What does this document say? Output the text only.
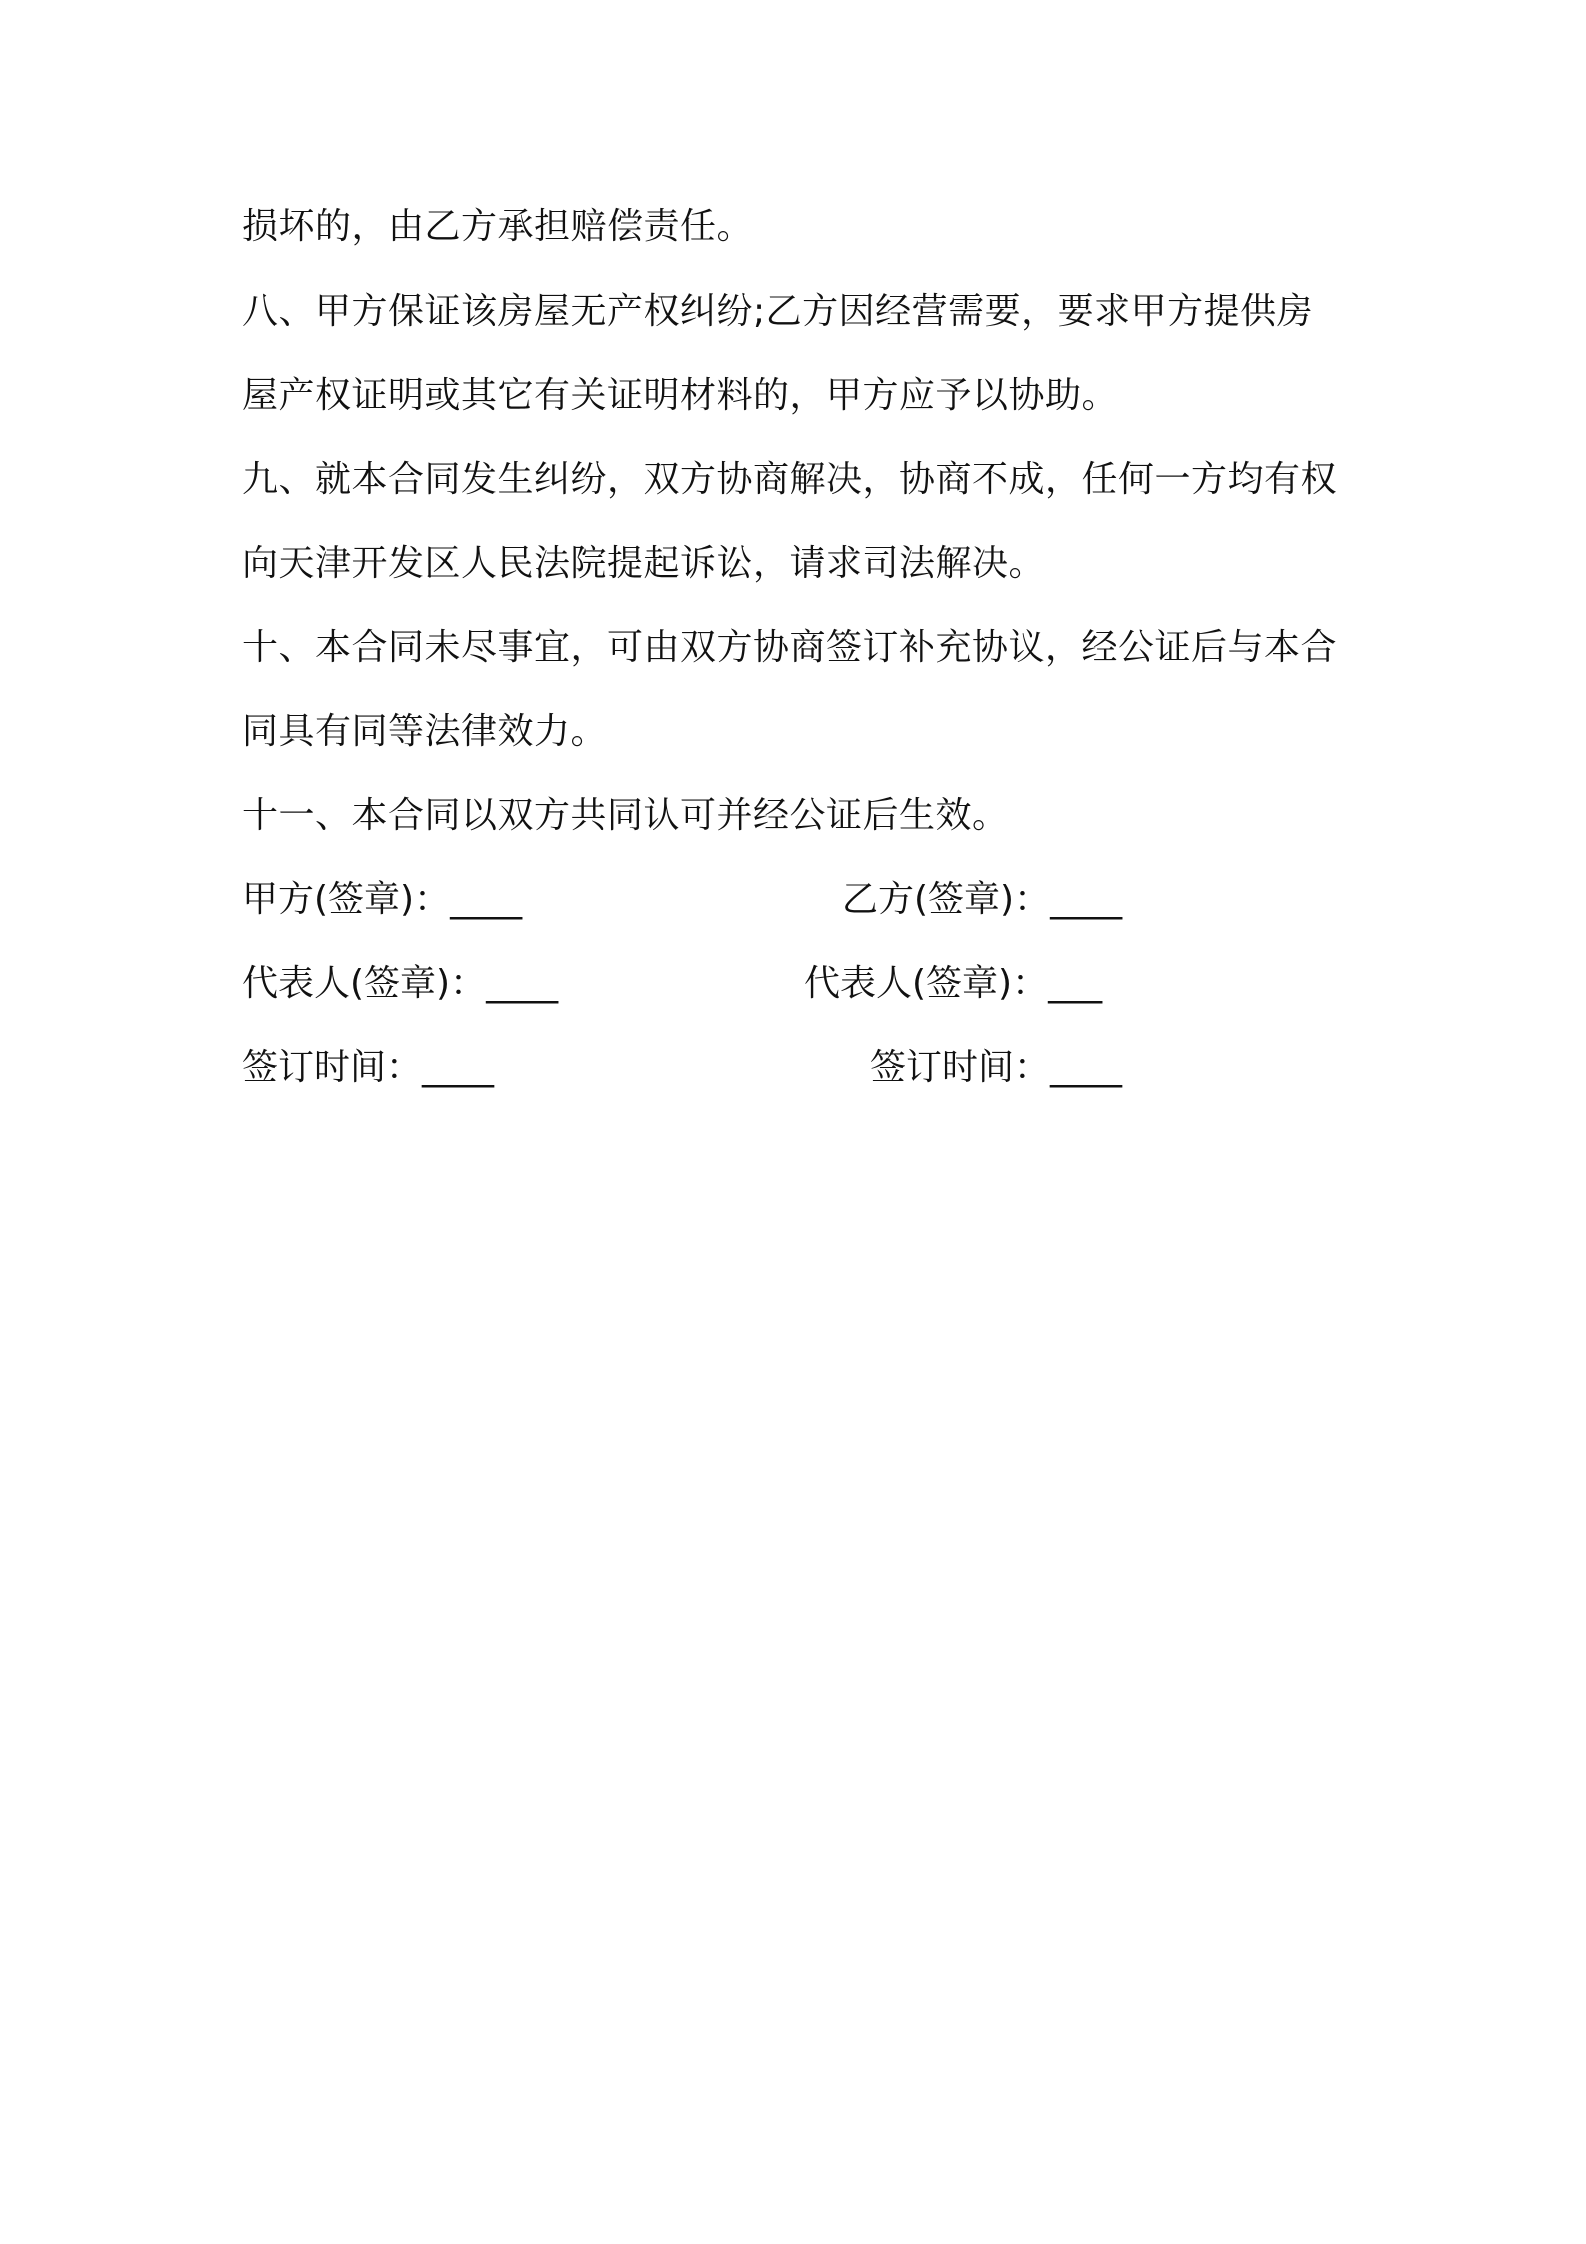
损坏的，由乙方承担赔偿责任。
八、甲方保证该房屋无产权纠纷;乙方因经营需要，要求甲方提供房
屋产权证明或其它有关证明材料的，甲方应予以协助。
九、就本合同发生纠纷，双方协商解决，协商不成，任何一方均有权
向天津开发区人民法院提起诉讼，请求司法解决。
十、本合同未尽事宜，可由双方协商签订补充协议，经公证后与本合
同具有同等法律效力。
十一、本合同以双方共同认可并经公证后生效。
甲方(签章)：____	乙方(签章)：____
代表人(签章)：____	代表人(签章)：___
签订时间：____	签订时间：____
